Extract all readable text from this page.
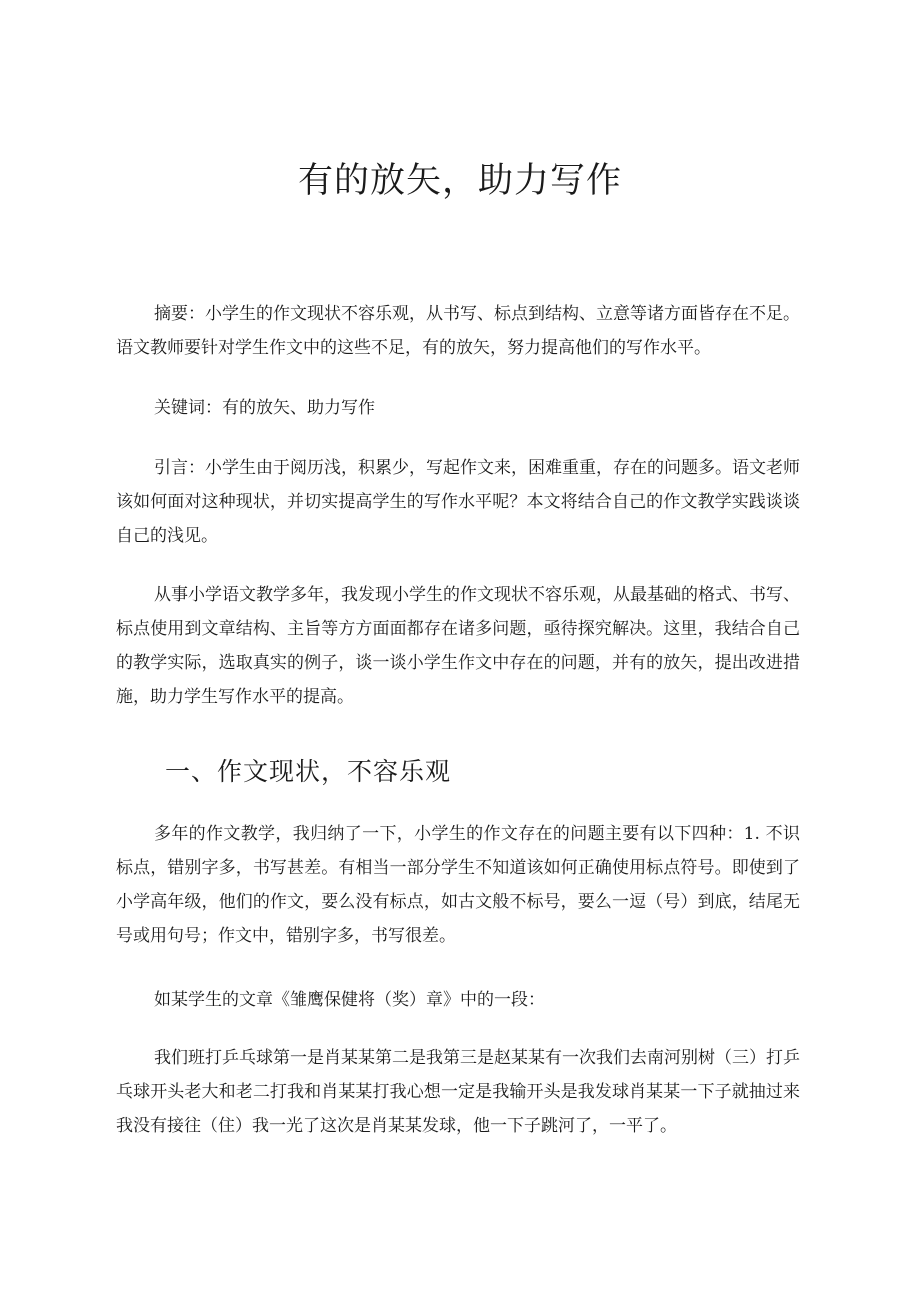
有的放矢，助力写作

摘要：小学生的作文现状不容乐观，从书写、标点到结构、立意等诸方面皆存在不足。语文教师要针对学生作文中的这些不足，有的放矢，努力提高他们的写作水平。

关键词：有的放矢、助力写作

引言：小学生由于阅历浅，积累少，写起作文来，困难重重，存在的问题多。语文老师该如何面对这种现状，并切实提高学生的写作水平呢？本文将结合自己的作文教学实践谈谈自己的浅见。

从事小学语文教学多年，我发现小学生的作文现状不容乐观，从最基础的格式、书写、标点使用到文章结构、主旨等方方面面都存在诸多问题，亟待探究解决。这里，我结合自己的教学实际，选取真实的例子，谈一谈小学生作文中存在的问题，并有的放矢，提出改进措施，助力学生写作水平的提高。

一、作文现状，不容乐观

多年的作文教学，我归纳了一下，小学生的作文存在的问题主要有以下四种：1. 不识标点，错别字多，书写甚差。有相当一部分学生不知道该如何正确使用标点符号。即使到了小学高年级，他们的作文，要么没有标点，如古文般不标号，要么一逗（号）到底，结尾无号或用句号；作文中，错别字多，书写很差。

如某学生的文章《雏鹰保健将（奖）章》中的一段：

我们班打乒乓球第一是肖某某第二是我第三是赵某某有一次我们去南河别树（三）打乒乓球开头老大和老二打我和肖某某打我心想一定是我输开头是我发球肖某某一下子就抽过来我没有接往（住）我一光了这次是肖某某发球，他一下子跳河了，一平了。
